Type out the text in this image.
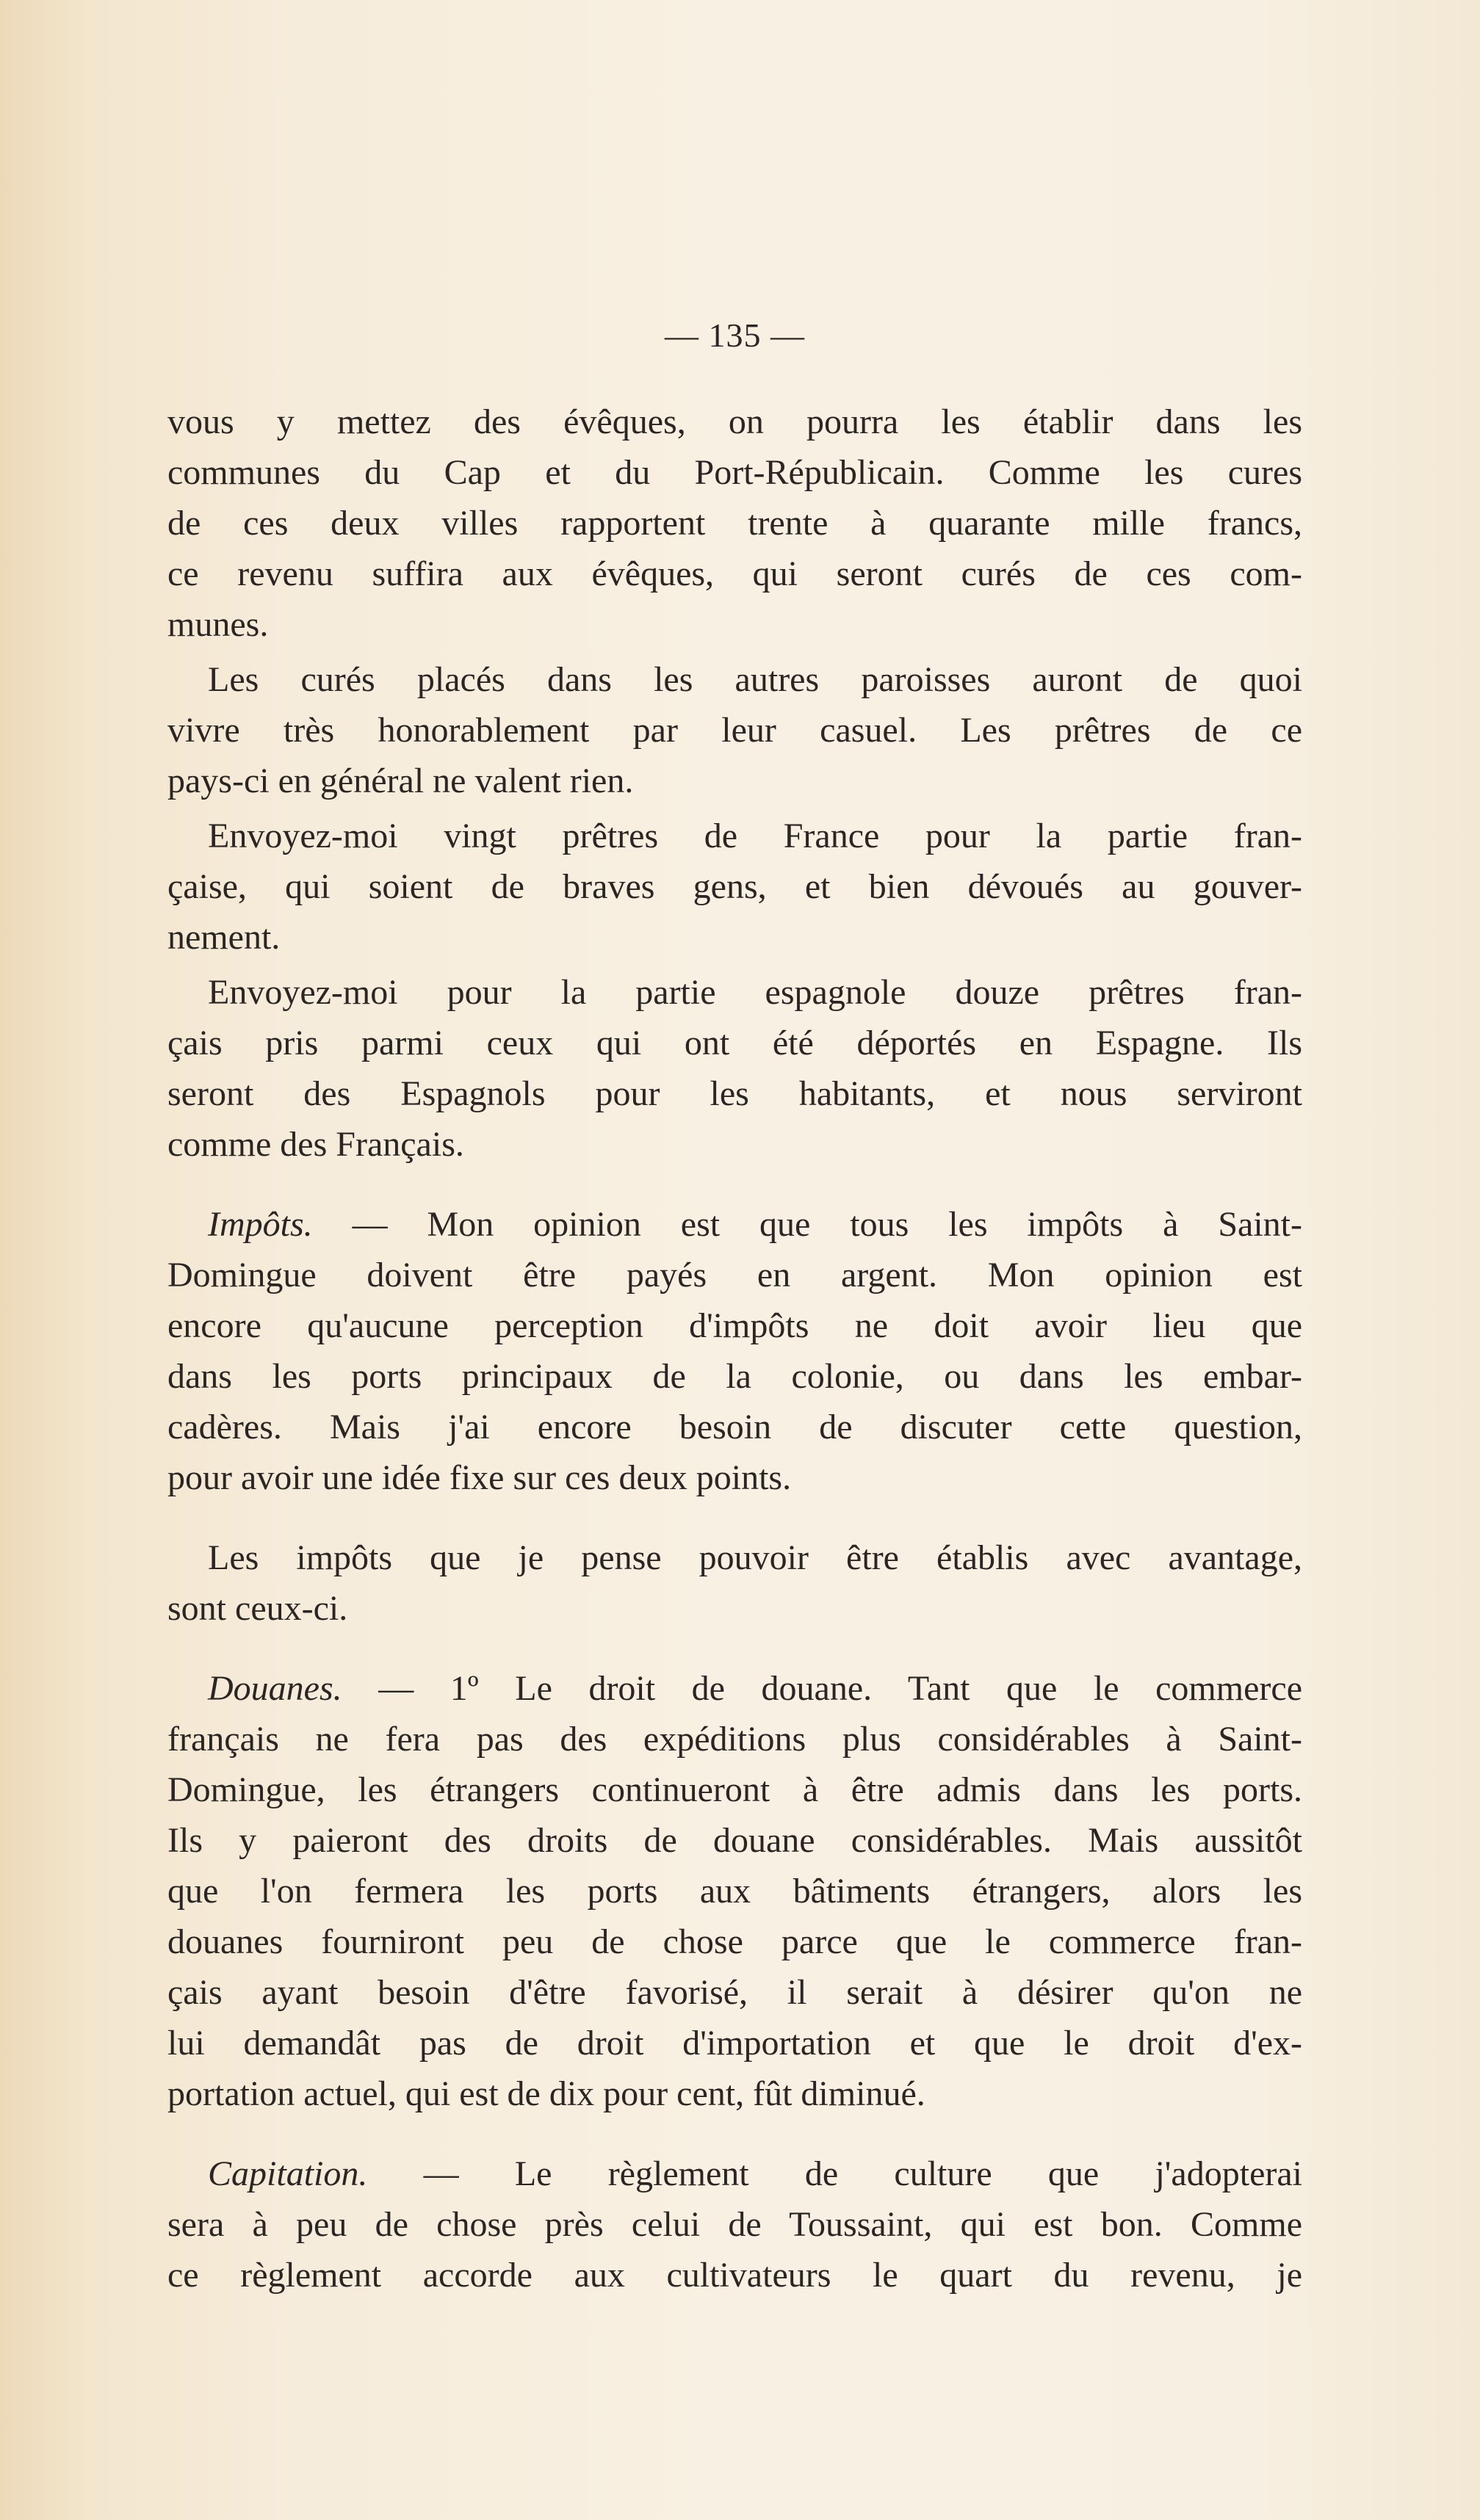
— 135 —
vous y mettez des évêques, on pourra les établir dans les
communes du Cap et du Port-Républicain. Comme les cures
de ces deux villes rapportent trente à quarante mille francs,
ce revenu suffira aux évêques, qui seront curés de ces com-
munes.
Les curés placés dans les autres paroisses auront de quoi
vivre très honorablement par leur casuel. Les prêtres de ce
pays-ci en général ne valent rien.
Envoyez-moi vingt prêtres de France pour la partie fran-
çaise, qui soient de braves gens, et bien dévoués au gouver-
nement.
Envoyez-moi pour la partie espagnole douze prêtres fran-
çais pris parmi ceux qui ont été déportés en Espagne. Ils
seront des Espagnols pour les habitants, et nous serviront
comme des Français.
Impôts. — Mon opinion est que tous les impôts à Saint-
Domingue doivent être payés en argent. Mon opinion est
encore qu'aucune perception d'impôts ne doit avoir lieu que
dans les ports principaux de la colonie, ou dans les embar-
cadères. Mais j'ai encore besoin de discuter cette question,
pour avoir une idée fixe sur ces deux points.
Les impôts que je pense pouvoir être établis avec avantage,
sont ceux-ci.
Douanes. — 1º Le droit de douane. Tant que le commerce
français ne fera pas des expéditions plus considérables à Saint-
Domingue, les étrangers continueront à être admis dans les ports.
Ils y paieront des droits de douane considérables. Mais aussitôt
que l'on fermera les ports aux bâtiments étrangers, alors les
douanes fourniront peu de chose parce que le commerce fran-
çais ayant besoin d'être favorisé, il serait à désirer qu'on ne
lui demandât pas de droit d'importation et que le droit d'ex-
portation actuel, qui est de dix pour cent, fût diminué.
Capitation. — Le règlement de culture que j'adopterai
sera à peu de chose près celui de Toussaint, qui est bon. Comme
ce règlement accorde aux cultivateurs le quart du revenu, je
